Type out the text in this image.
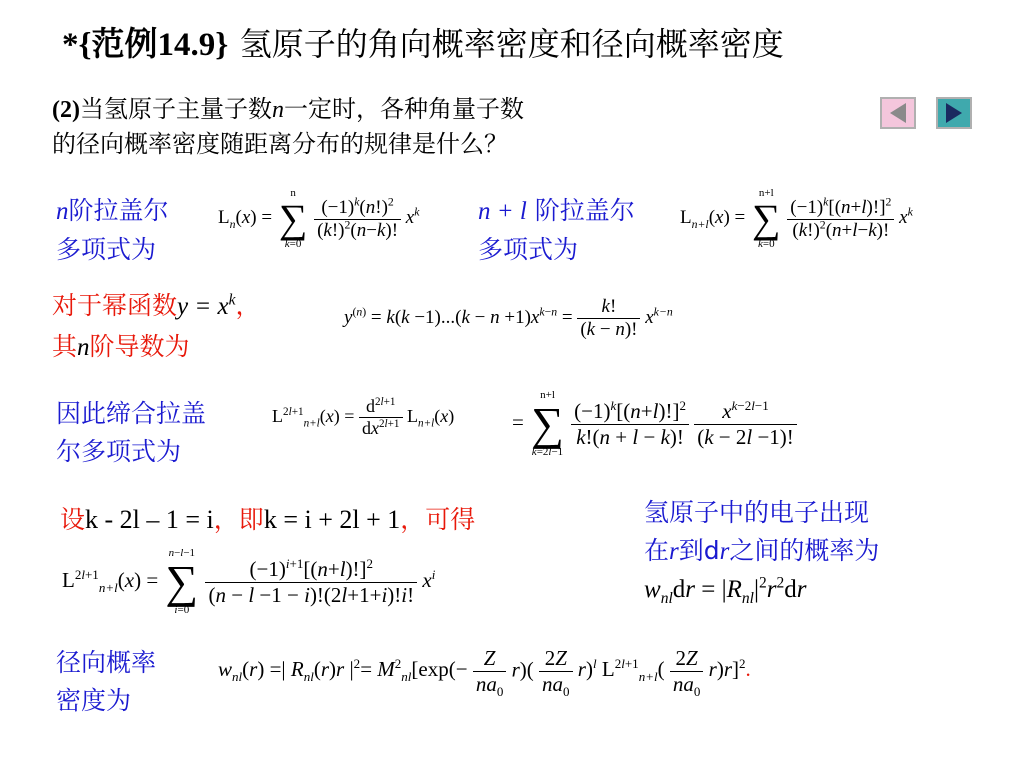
*{范例14.9} 氢原子的角向概率密度和径向概率密度
(2)当氢原子主量子数n一定时，各种角量子数
的径向概率密度随距离分布的规律是什么？
n阶拉盖尔
多项式为
$L_n(x)$ =
n
∑
k=0

$\frac{(-1)^k(n!)^2}{(k!)^2(n-k)!} x^k$ n + l 阶拉盖尔
多项式为
$L_{n+l}(x)$ =
n+l
∑
k=0

$\frac{(-1)^k[(n+l)!]^2}{(k!)^2(n+l-k)!} x^k$
对于幂函数$y = x^k$，
其n阶导数为
$y^{(n)} = k(k -1)...(k - n +1)x^{k-n} = \frac{k!}{(k - n)!} x^{k-n}$
因此缔合拉盖
尔多项式为
$L^{2l+1}_{n+l}(x) = \frac{d^{2l+1}}{dx^{2l+1}} L_{n+l}(x)$	=
n+l
∑
k=2l−1

$\frac{(-1)^k[(n+l)!]^2}{k!(n + l - k)!}$
$\frac{x^{k-2l-1}}{(k - 2l -1)!}$
设k - 2l – 1 = i，即k = i + 2l + 1，可得	氢原子中的电子出现
在r到dr之间的概率为
$w_{nl}dr = |R_{nl}|^2r^2dr$
$L^{2l+1}_{n+l}(x)$ =
n−l−1
∑
i=0

$\frac{(-1)^{i+1}[(n+l)!]^2}{(n - l -1 - i)!(2l+1+i)!i!} x^i$
径向概率
密度为
$w_{nl}(r)$ =| $R_{nl}(r)r$ $|^2= M^2_{nl}[\exp(- \frac{Z}{na_0} r)( \frac{2Z}{na_0} r)^l$ $L^{2l+1}_{n+l}( \frac{2Z}{na_0} r)r]^2$.
